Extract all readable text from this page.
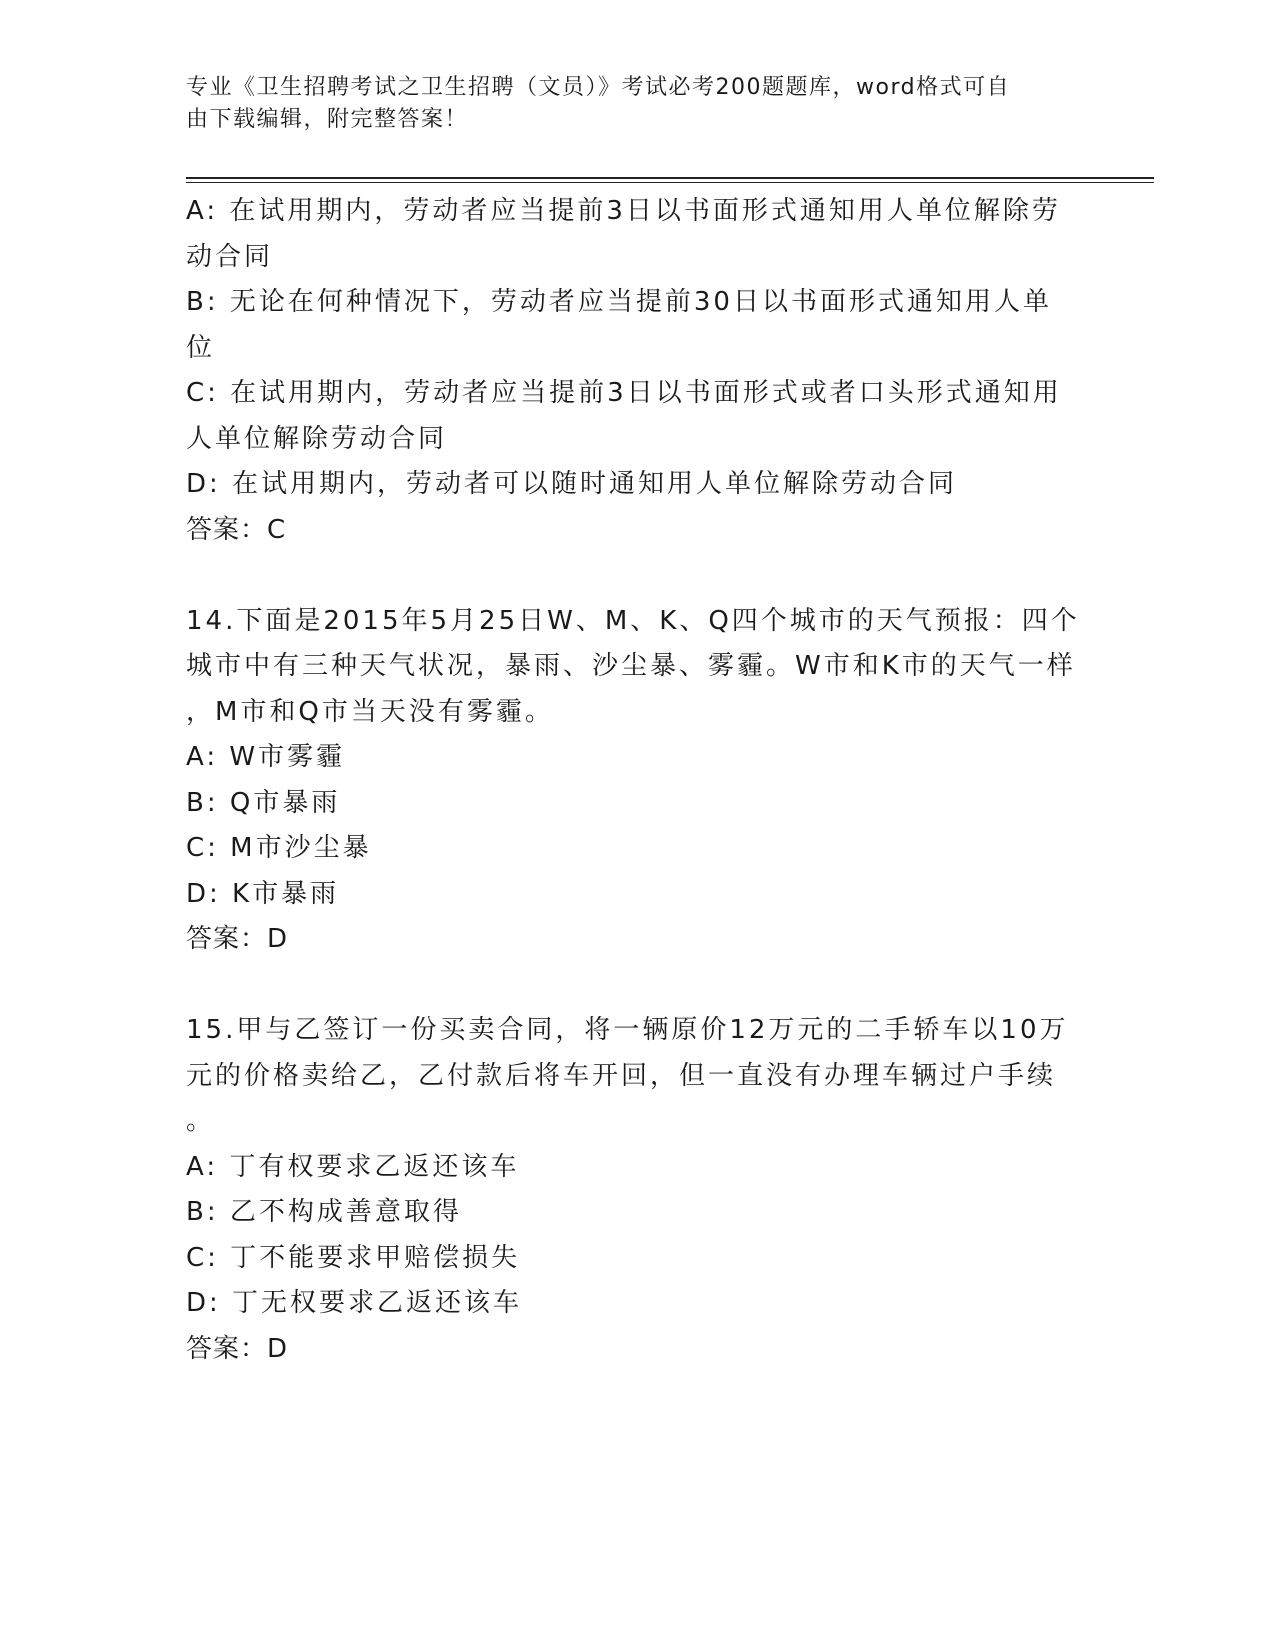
专业《卫生招聘考试之卫生招聘（文员）》考试必考200题题库，word格式可自
由下载编辑，附完整答案！
A: 在试用期内，劳动者应当提前3日以书面形式通知用人单位解除劳
动合同
B: 无论在何种情况下，劳动者应当提前30日以书面形式通知用人单
位
C: 在试用期内，劳动者应当提前3日以书面形式或者口头形式通知用
人单位解除劳动合同
D: 在试用期内，劳动者可以随时通知用人单位解除劳动合同
答案：C
14.下面是2015年5月25日W、M、K、Q四个城市的天气预报：四个
城市中有三种天气状况，暴雨、沙尘暴、雾霾。W市和K市的天气一样
，M市和Q市当天没有雾霾。
A: W市雾霾
B: Q市暴雨
C: M市沙尘暴
D: K市暴雨
答案：D
15.甲与乙签订一份买卖合同，将一辆原价12万元的二手轿车以10万
元的价格卖给乙，乙付款后将车开回，但一直没有办理车辆过户手续
。
A: 丁有权要求乙返还该车
B: 乙不构成善意取得
C: 丁不能要求甲赔偿损失
D: 丁无权要求乙返还该车
答案：D
